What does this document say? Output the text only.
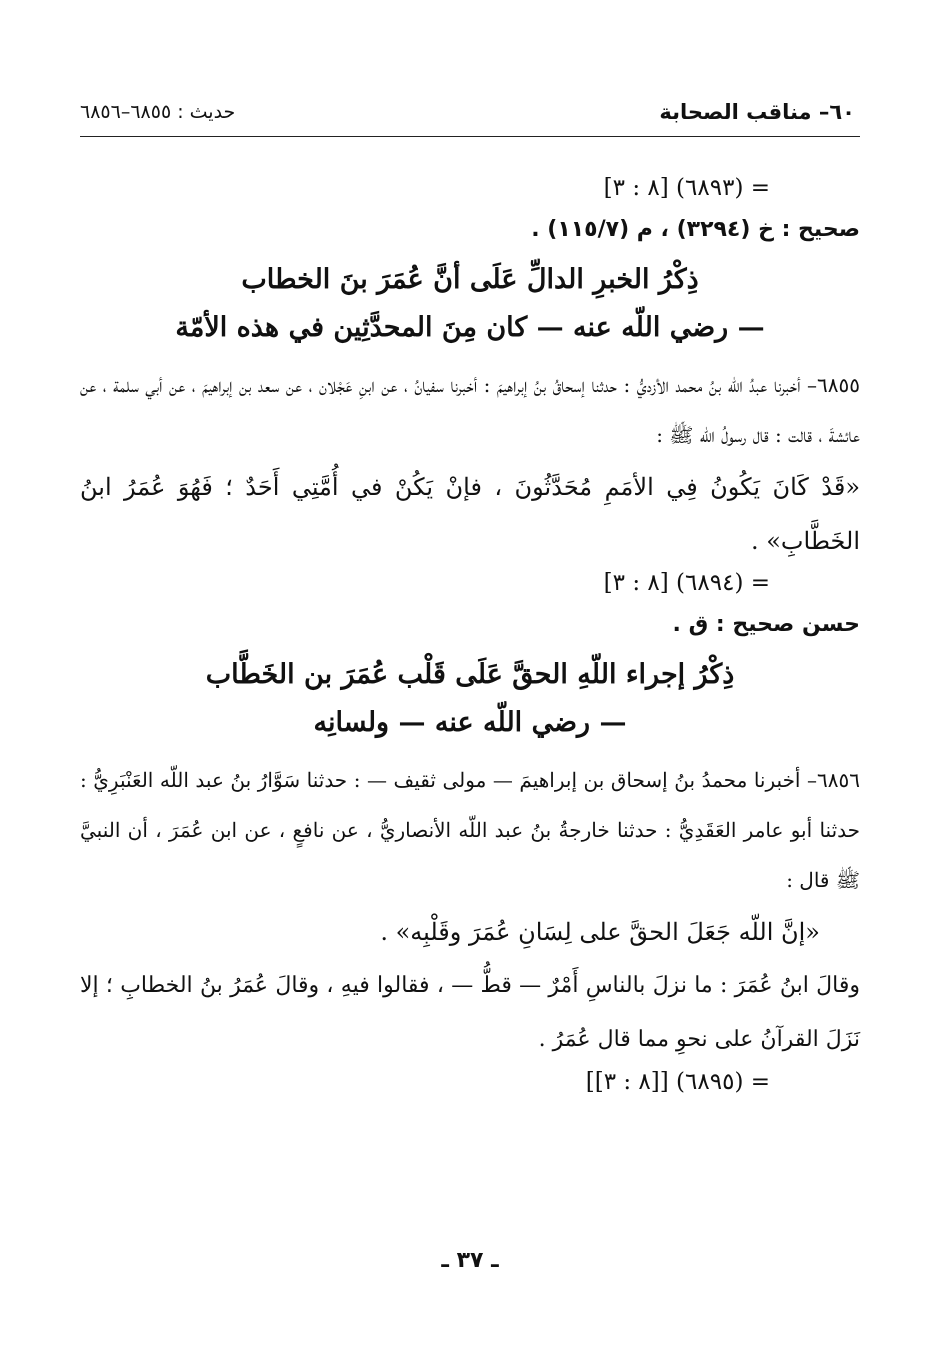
٦٠– مناقب الصحابة
حديث : ٦٨٥٥–٦٨٥٦
= (٦٨٩٣) [٨ : ٣]
صحيح : خ (٣٢٩٤) ، م (١١٥/٧) .
ذِكْرُ الخبرِ الدالِّ عَلَى أنَّ عُمَرَ بنَ الخطاب
— رضي اللّه عنه — كان مِنَ المحدَّثِين في هذه الأمّة
٦٨٥٥– أخبرنا عبدُ اللّه بنُ محمد الأزديُّ : حدثنا إسحاقُ بنُ إبراهيمَ : أخبرنا سفيانُ ، عن ابنِ عَجْلان ، عن سعد بن إبراهيمَ ، عن أبي سلمة ، عن عائشةَ ، قالت : قال رسولُ اللّه ﷺ :
«قَدْ كَانَ يَكُونُ فِي الأمَمِ مُحَدَّثُونَ ، فإنْ يَكُنْ في أُمَّتِي أَحَدٌ ؛ فَهُوَ عُمَرُ ابنُ الخَطَّابِ» .
= (٦٨٩٤) [٨ : ٣]
حسن صحيح : ق .
ذِكْرُ إجراء اللّهِ الحقَّ عَلَى قَلْب عُمَرَ بن الخَطَّاب
— رضي اللّه عنه — ولسانِه
٦٨٥٦– أخبرنا محمدُ بنُ إسحاق بن إبراهيمَ — مولى ثقيف — : حدثنا سَوَّارُ بنُ عبد اللّه العَنْبَرِيُّ : حدثنا أبو عامر العَقَدِيُّ : حدثنا خارجةُ بنُ عبد اللّه الأنصاريُّ ، عن نافعٍ ، عن ابن عُمَرَ ، أن النبيَّ ﷺ قال :
«إنَّ اللّه جَعَلَ الحقَّ على لِسَانِ عُمَرَ وقَلْبِه» .
وقالَ ابنُ عُمَرَ : ما نزلَ بالناسِ أَمْرٌ — قطُّ — ، فقالوا فيهِ ، وقالَ عُمَرُ بنُ الخطابِ ؛ إلا نَزَلَ القرآنُ على نحوِ مما قال عُمَرُ .
= (٦٨٩٥) [[٨ : ٣]]
ـ ٣٧ ـ
